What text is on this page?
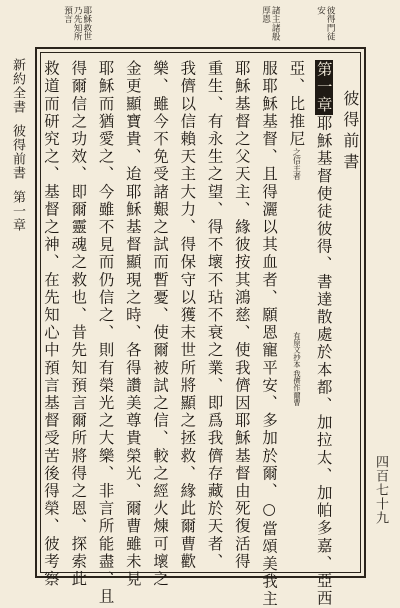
耶穌救世乃先知所預言	諸主諸般厚恩	彼得門徒安
新約全書
彼得前書
第一章
四百七十九
彼得前書
第一章耶穌基督使徒彼得、書達散處於本都、加拉太、加帕多嘉、亞西
亞、比推尼之信主者
服耶穌基督、且得灑以其血者、願恩寵平安、多加於爾、○當頌美我主
耶穌基督之父天主、緣彼按其鴻慈、使我儕因耶穌基督由死復活得
重生、有永生之望、得不壞不玷不衰之業、即爲我儕存藏於天者、
我儕以信賴天主大力、得保守以獲末世所將顯之拯救、緣此爾曹歡
樂、雖今不免受諸艱之試而暫憂、使爾被試之信、較之經火煉可壞之
金更顯寶貴、迨耶穌基督顯現之時、各得讚美尊貴榮光、爾曹雖未見
耶穌而猶愛之、今雖不見而仍信之、則有榮光之大樂、非言所能盡、且
得爾信之功效、即爾靈魂之救也、昔先知預言爾所將得之恩、探索此
救道而研究之、基督之神、在先知心中預言基督受苦後得榮、彼考察	有原文抄本
我儕作爾曹
